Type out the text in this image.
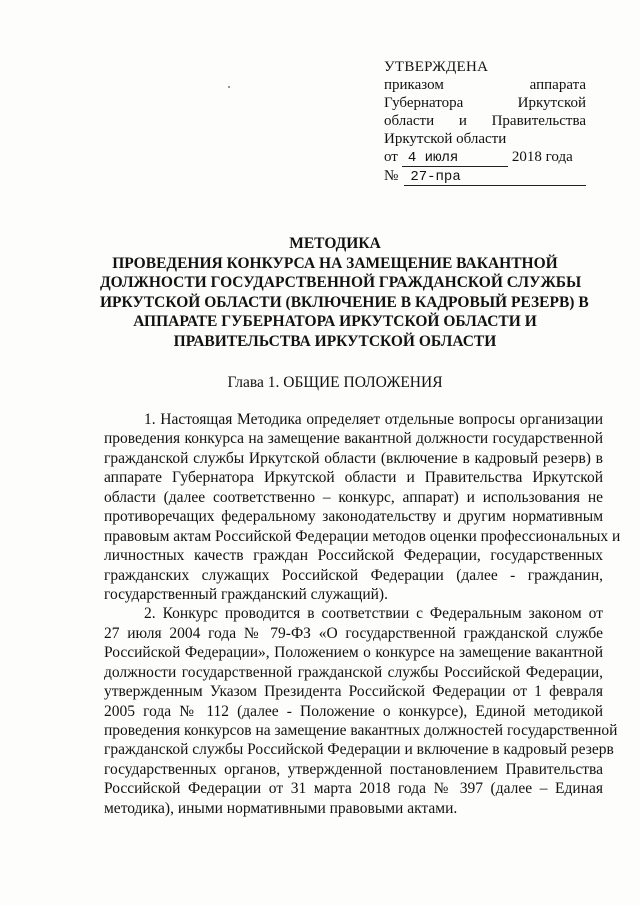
УТВЕРЖДЕНА
приказом	аппарата
Губернатора	Иркутской
области и Правительства
Иркутской области
от 4 июля	2018 года
№ 27-пра
МЕТОДИКА
ПРОВЕДЕНИЯ КОНКУРСА НА ЗАМЕЩЕНИЕ ВАКАНТНОЙ
ДОЛЖНОСТИ ГОСУДАРСТВЕННОЙ ГРАЖДАНСКОЙ СЛУЖБЫ
ИРКУТСКОЙ ОБЛАСТИ (ВКЛЮЧЕНИЕ В КАДРОВЫЙ РЕЗЕРВ) В
АППАРАТЕ ГУБЕРНАТОРА ИРКУТСКОЙ ОБЛАСТИ И
ПРАВИТЕЛЬСТВА ИРКУТСКОЙ ОБЛАСТИ
Глава 1. ОБЩИЕ ПОЛОЖЕНИЯ
1. Настоящая Методика определяет отдельные вопросы организации
проведения конкурса на замещение вакантной должности государственной
гражданской службы Иркутской области (включение в кадровый резерв) в
аппарате Губернатора Иркутской области и Правительства Иркутской
области (далее соответственно – конкурс, аппарат) и использования не
противоречащих федеральному законодательству и другим нормативным
правовым актам Российской Федерации методов оценки профессиональных и
личностных качеств граждан Российской Федерации, государственных
гражданских служащих Российской Федерации (далее - гражданин,
государственный гражданский служащий).
2. Конкурс проводится в соответствии с Федеральным законом от
27 июля 2004 года № 79-ФЗ «О государственной гражданской службе
Российской Федерации», Положением о конкурсе на замещение вакантной
должности государственной гражданской службы Российской Федерации,
утвержденным Указом Президента Российской Федерации от 1 февраля
2005 года № 112 (далее - Положение о конкурсе), Единой методикой
проведения конкурсов на замещение вакантных должностей государственной
гражданской службы Российской Федерации и включение в кадровый резерв
государственных органов, утвержденной постановлением Правительства
Российской Федерации от 31 марта 2018 года № 397 (далее – Единая
методика), иными нормативными правовыми актами.
